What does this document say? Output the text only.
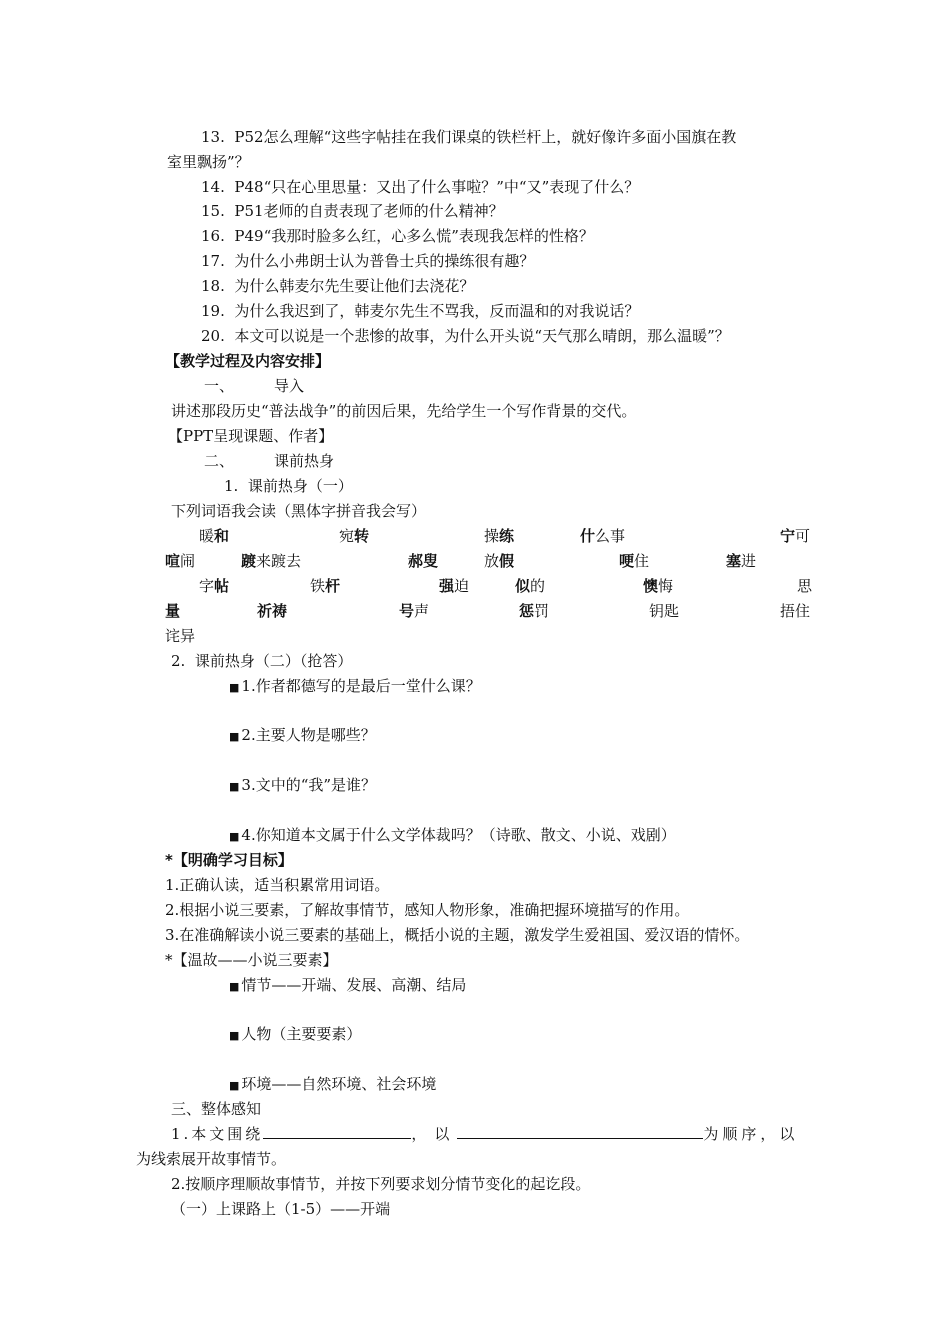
13. P52怎么理解“这些字帖挂在我们课桌的铁栏杆上，就好像许多面小国旗在教
室里飘扬”？
14. P48“只在心里思量：又出了什么事啦？”中“又”表现了什么？
15. P51老师的自责表现了老师的什么精神？
16. P49“我那时脸多么红，心多么慌”表现我怎样的性格？
17. 为什么小弗朗士认为普鲁士兵的操练很有趣？
18. 为什么韩麦尔先生要让他们去浇花？
19. 为什么我迟到了，韩麦尔先生不骂我，反而温和的对我说话？
20. 本文可以说是一个悲惨的故事，为什么开头说“天气那么晴朗，那么温暖”？
【教学过程及内容安排】
一、	导入
讲述那段历史“普法战争”的前因后果，先给学生一个写作背景的交代。
【PPT呈现课题、作者】
二、	课前热身
1. 课前热身（一）
下列词语我会读（黑体字拼音我会写）
暖和	宛转	操练	什么事	宁可
喧闹	踱来踱去	郝叟	放假	哽住	塞进
字帖	铁杆	强迫	似的	懊悔	思
量	祈祷	号声	惩罚	钥匙	捂住
诧异
2. 课前热身（二）（抢答）
■ 1.作者都德写的是最后一堂什么课？
■ 2.主要人物是哪些？
■ 3.文中的“我”是谁？
■ 4.你知道本文属于什么文学体裁吗？（诗歌、散文、小说、戏剧）
*【明确学习目标】
1.正确认读，适当积累常用词语。
2.根据小说三要素，了解故事情节，感知人物形象，准确把握环境描写的作用。
3.在准确解读小说三要素的基础上，概括小说的主题，激发学生爱祖国、爱汉语的情怀。
*【温故——小说三要素】
■ 情节——开端、发展、高潮、结局
■ 人物（主要要素）
■ 环境——自然环境、社会环境
三、整体感知
1.本文围绕	，以	为顺序，以
为线索展开故事情节。
2.按顺序理顺故事情节，并按下列要求划分情节变化的起讫段。
（一）上课路上（1-5）——开端
